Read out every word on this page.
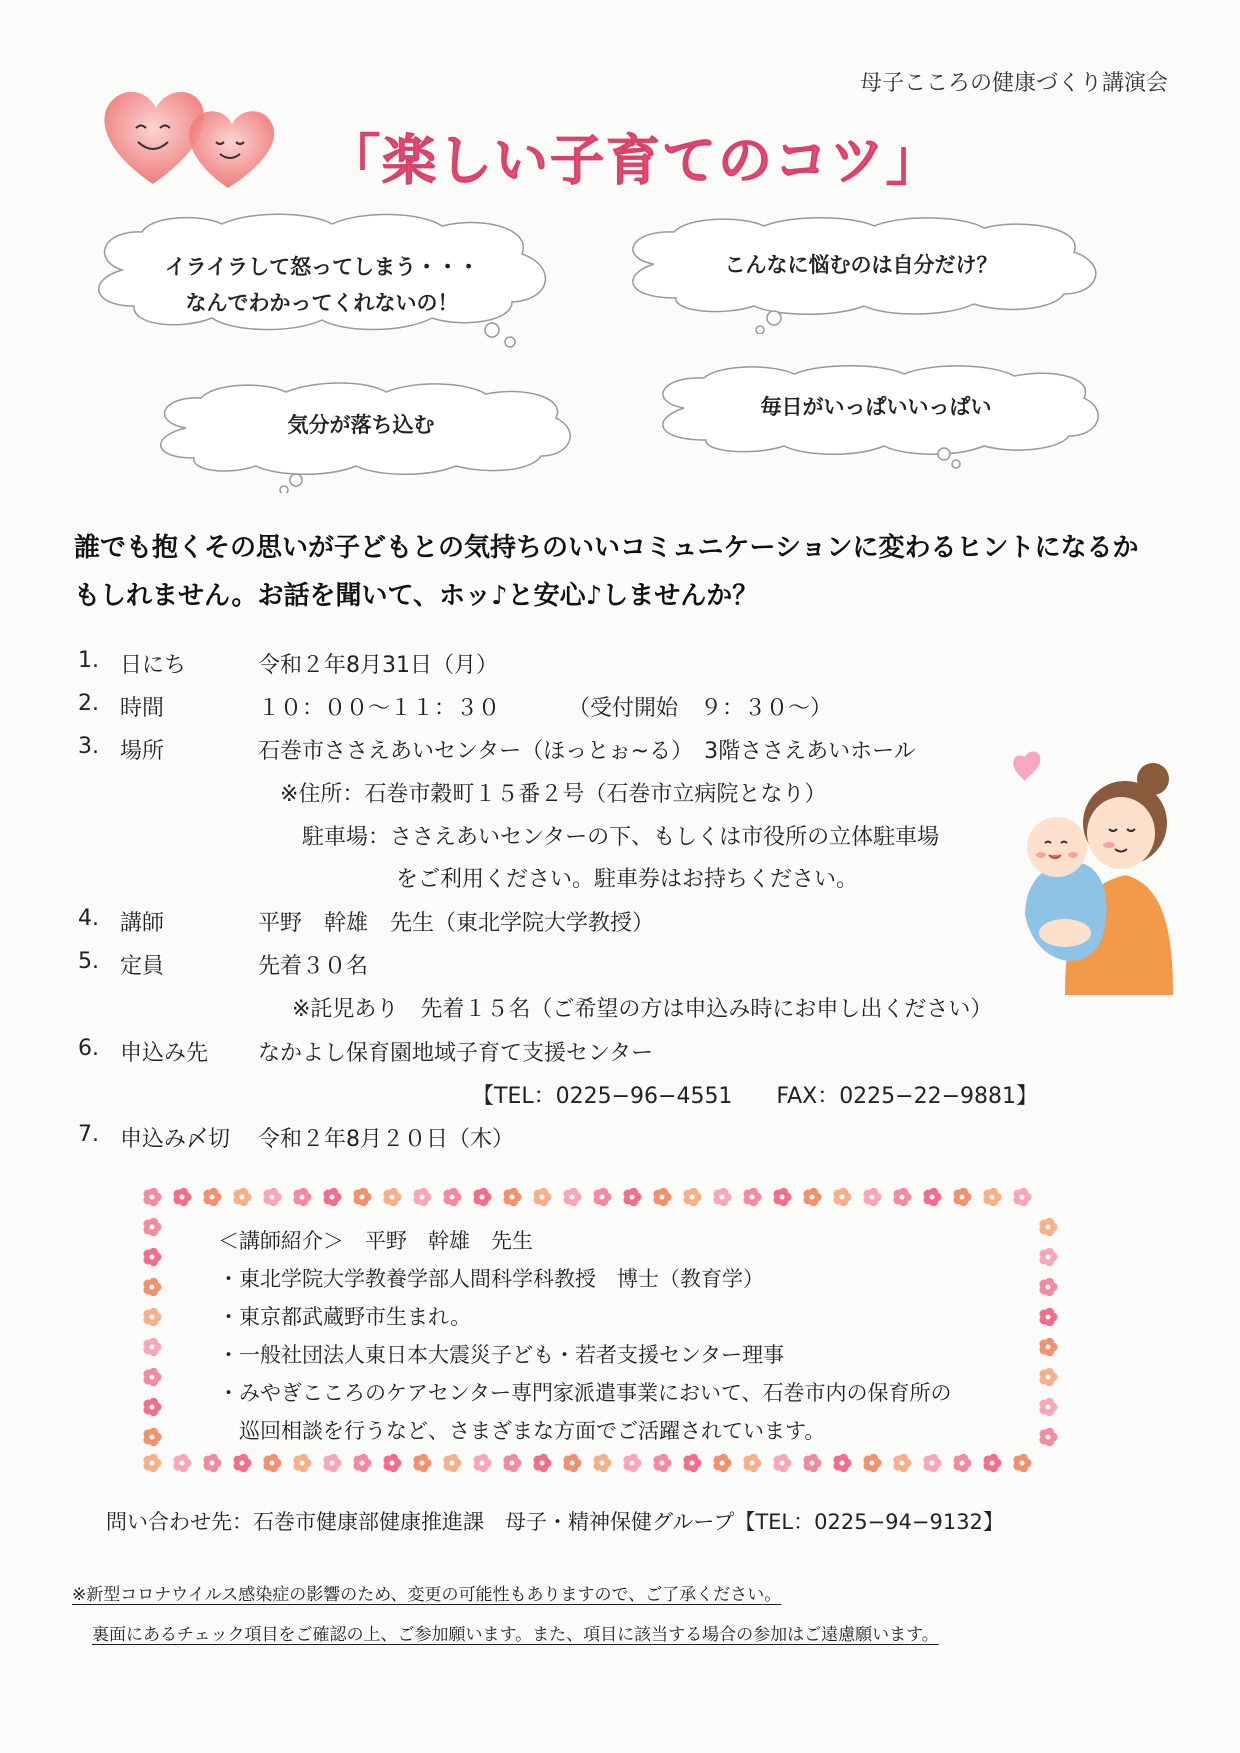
母子こころの健康づくり講演会
「楽しい子育てのコツ」
イライラして怒ってしまう・・・
なんでわかってくれないの！
こんなに悩むのは自分だけ？
気分が落ち込む
毎日がいっぱいいっぱい
誰でも抱くその思いが子どもとの気持ちのいいコミュニケーションに変わるヒントになるか
もしれません。お話を聞いて、ホッ♪と安心♪しませんか？
1. 日にち	令和２年8月31日（月）
2. 時間	１０：００～１１：３０	（受付開始　９：３０～）
3. 場所	石巻市ささえあいセンター（ほっとぉ~る）　3階ささえあいホール
※住所：石巻市穀町１５番２号（石巻市立病院となり）
駐車場：ささえあいセンターの下、もしくは市役所の立体駐車場
をご利用ください。駐車券はお持ちください。
4. 講師	平野　幹雄　先生（東北学院大学教授）
5. 定員	先着３０名
※託児あり　先着１５名（ご希望の方は申込み時にお申し出ください）
6. 申込み先 なかよし保育園地域子育て支援センター
【TEL：0225−96−4551　　FAX：0225−22−9881】
7. 申込み〆切 令和２年8月２０日（木）
＜講師紹介＞　平野　幹雄　先生
・東北学院大学教養学部人間科学科教授　博士（教育学）
・東京都武蔵野市生まれ。
・一般社団法人東日本大震災子ども・若者支援センター理事
・みやぎこころのケアセンター専門家派遣事業において、石巻市内の保育所の
　巡回相談を行うなど、さまざまな方面でご活躍されています。
問い合わせ先：石巻市健康部健康推進課　母子・精神保健グループ【TEL：0225−94−9132】
※新型コロナウイルス感染症の影響のため、変更の可能性もありますので、ご了承ください。
裏面にあるチェック項目をご確認の上、ご参加願います。また、項目に該当する場合の参加はご遠慮願います。
